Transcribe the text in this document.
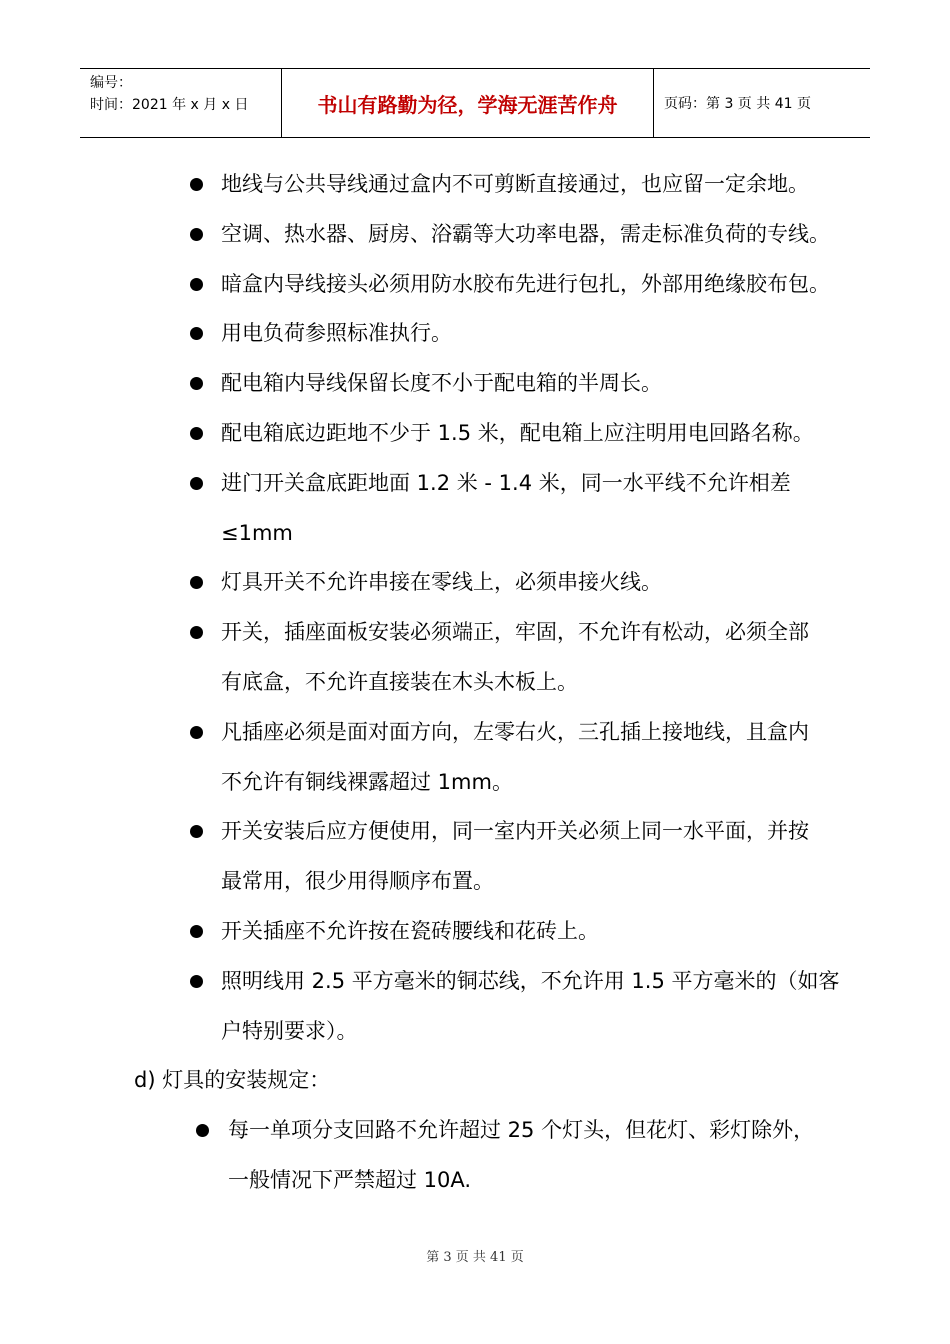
编号：
时间：2021 年 x 月 x 日	书山有路勤为径，学海无涯苦作舟	页码：第 3 页 共 41 页
地线与公共导线通过盒内不可剪断直接通过，也应留一定余地。
空调、热水器、厨房、浴霸等大功率电器，需走标准负荷的专线。
暗盒内导线接头必须用防水胶布先进行包扎，外部用绝缘胶布包。
用电负荷参照标准执行。
配电箱内导线保留长度不小于配电箱的半周长。
配电箱底边距地不少于 1.5 米，配电箱上应注明用电回路名称。
进门开关盒底距地面 1.2 米 - 1.4 米，同一水平线不允许相差
≤1mm
灯具开关不允许串接在零线上，必须串接火线。
开关，插座面板安装必须端正，牢固，不允许有松动，必须全部
有底盒，不允许直接装在木头木板上。
凡插座必须是面对面方向，左零右火，三孔插上接地线，且盒内
不允许有铜线裸露超过 1mm。
开关安装后应方便使用，同一室内开关必须上同一水平面，并按
最常用，很少用得顺序布置。
开关插座不允许按在瓷砖腰线和花砖上。
照明线用 2.5 平方毫米的铜芯线，不允许用 1.5 平方毫米的（如客
户特别要求）。
d) 灯具的安装规定：
每一单项分支回路不允许超过 25 个灯头，但花灯、彩灯除外，
一般情况下严禁超过 10A.
第 3 页 共 41 页
